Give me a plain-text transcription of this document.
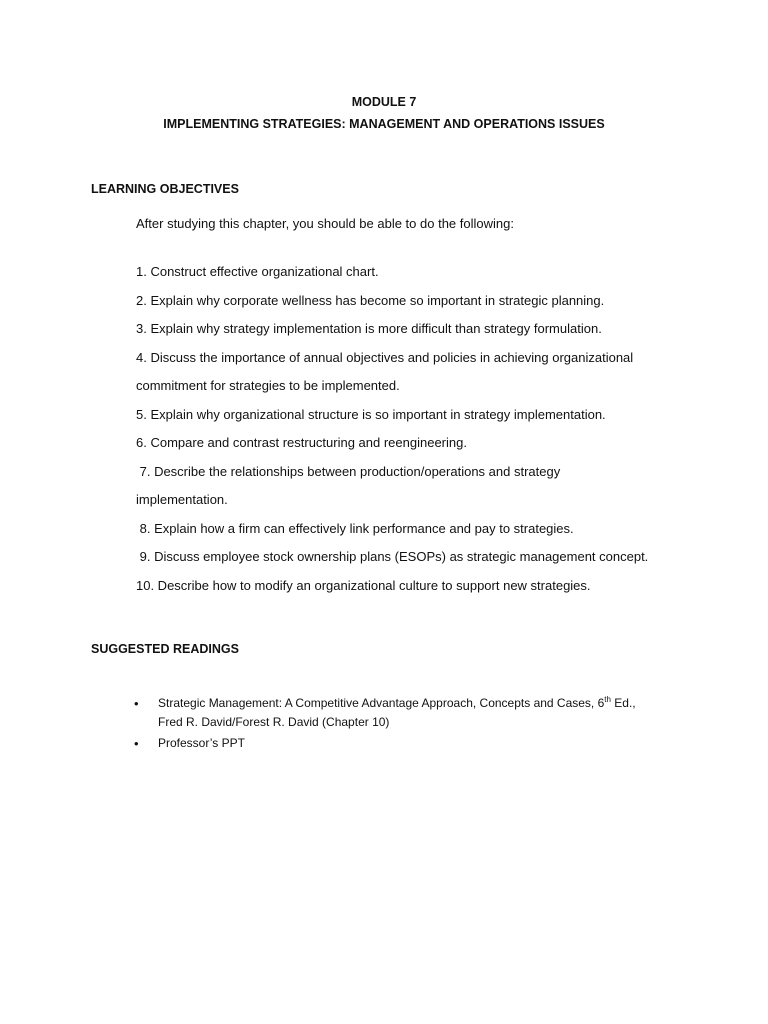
MODULE 7
IMPLEMENTING STRATEGIES: MANAGEMENT AND OPERATIONS ISSUES
LEARNING OBJECTIVES
After studying this chapter, you should be able to do the following:
1. Construct effective organizational chart.
2. Explain why corporate wellness has become so important in strategic planning.
3. Explain why strategy implementation is more difficult than strategy formulation.
4. Discuss the importance of annual objectives and policies in achieving organizational
commitment for strategies to be implemented.
5. Explain why organizational structure is so important in strategy implementation.
6. Compare and contrast restructuring and reengineering.
7. Describe the relationships between production/operations and strategy
implementation.
8. Explain how a firm can effectively link performance and pay to strategies.
9. Discuss employee stock ownership plans (ESOPs) as strategic management concept.
10. Describe how to modify an organizational culture to support new strategies.
SUGGESTED READINGS
• Strategic Management: A Competitive Advantage Approach, Concepts and Cases, 6th Ed.,
Fred R. David/Forest R. David (Chapter 10)
• Professor’s PPT
